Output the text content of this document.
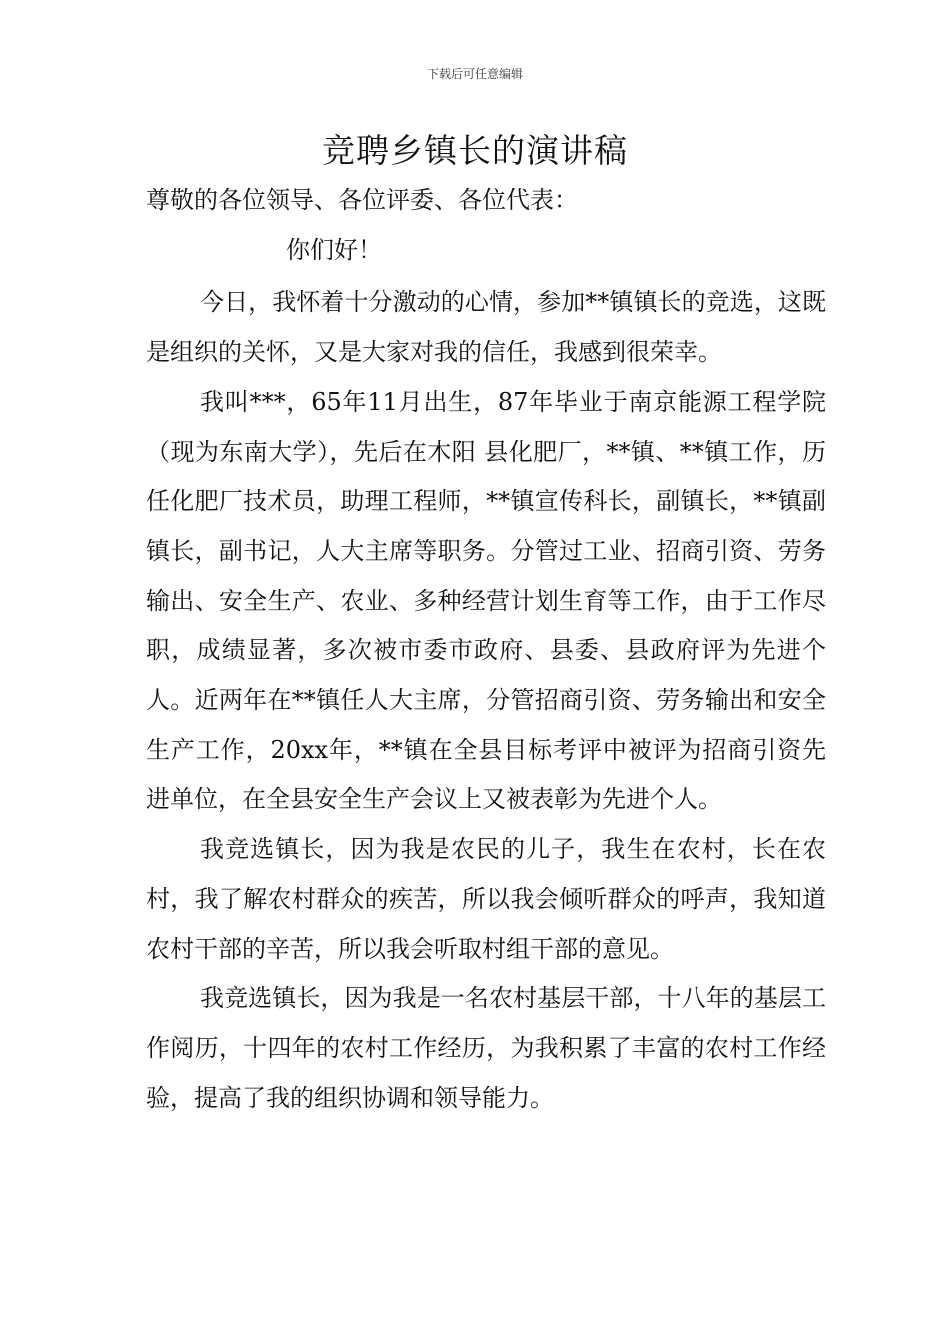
下载后可任意编辑
竞聘乡镇长的演讲稿

尊敬的各位领导、各位评委、各位代表：

你们好！

今日，我怀着十分激动的心情，参加**镇镇长的竞选，这既是组织的关怀，又是大家对我的信任，我感到很荣幸。

我叫***，65年11月出生，87年毕业于南京能源工程学院（现为东南大学），先后在木阳 县化肥厂，**镇、**镇工作，历任化肥厂技术员，助理工程师，**镇宣传科长，副镇长，**镇副镇长，副书记，人大主席等职务。分管过工业、招商引资、劳务输出、安全生产、农业、多种经营计划生育等工作，由于工作尽职，成绩显著，多次被市委市政府、县委、县政府评为先进个人。近两年在**镇任人大主席，分管招商引资、劳务输出和安全生产工作，20xx年，**镇在全县目标考评中被评为招商引资先进单位，在全县安全生产会议上又被表彰为先进个人。

我竞选镇长，因为我是农民的儿子，我生在农村，长在农村，我了解农村群众的疾苦，所以我会倾听群众的呼声，我知道农村干部的辛苦，所以我会听取村组干部的意见。

我竞选镇长，因为我是一名农村基层干部，十八年的基层工作阅历，十四年的农村工作经历，为我积累了丰富的农村工作经验，提高了我的组织协调和领导能力。
